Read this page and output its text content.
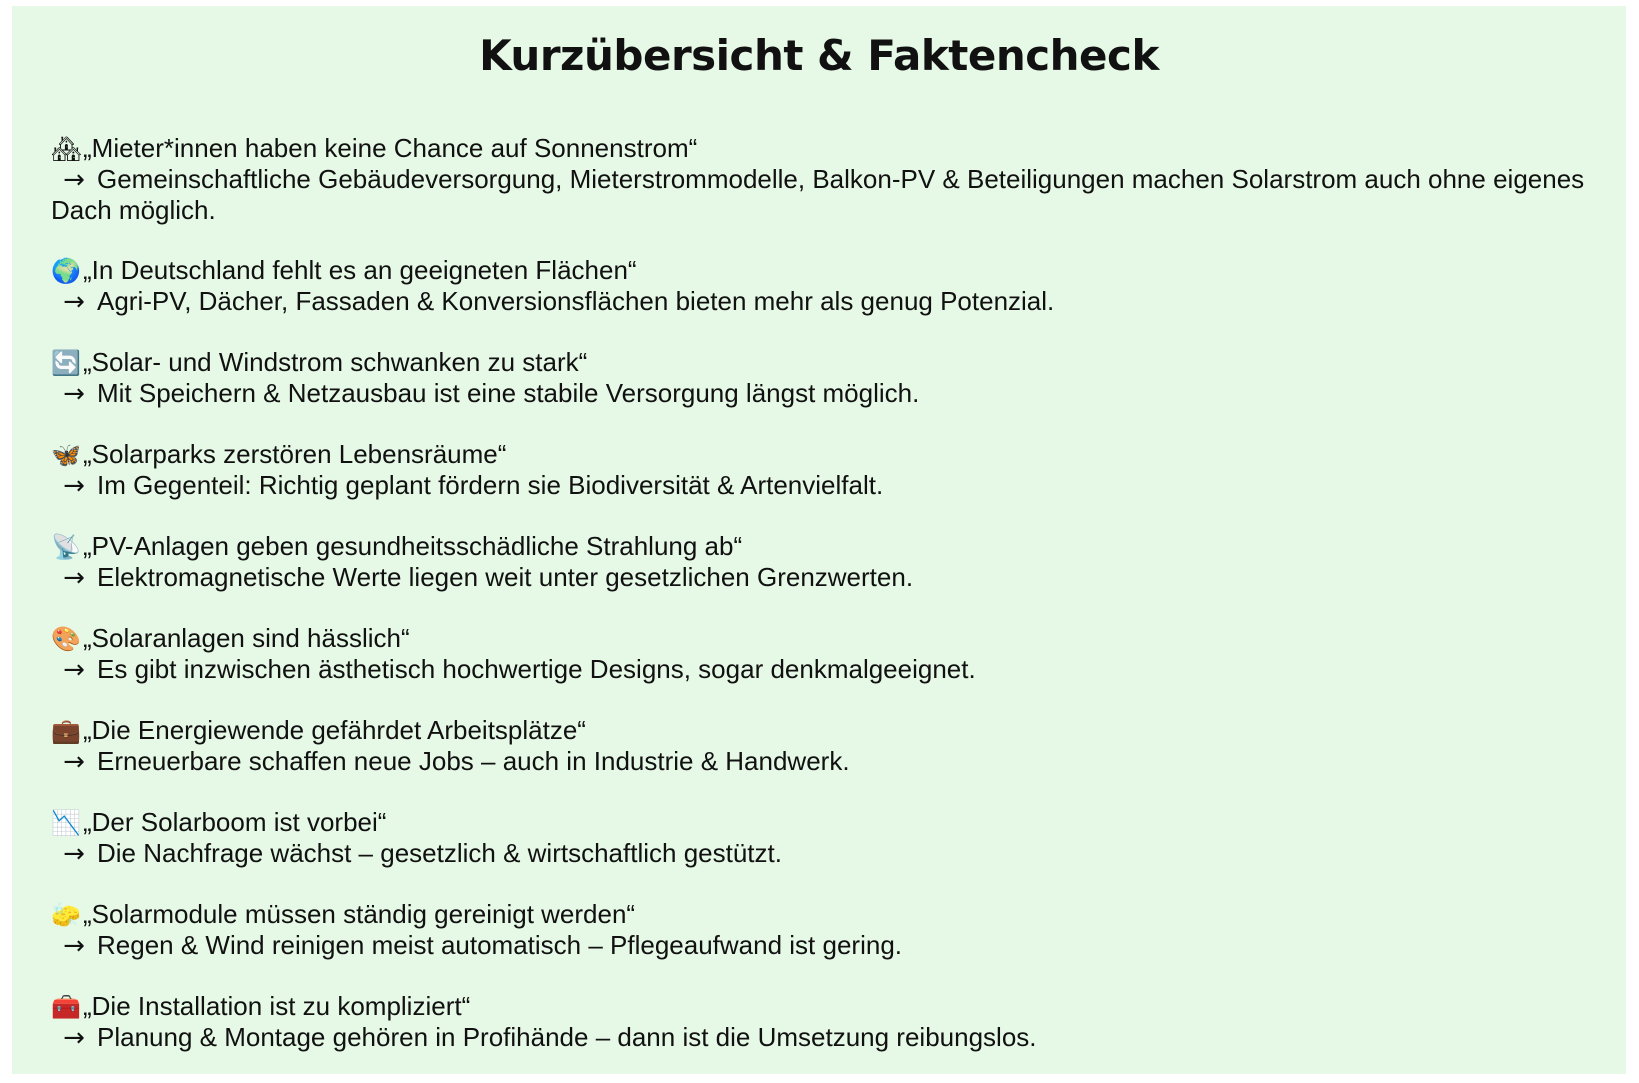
Kurzübersicht & Faktencheck
🏘„Mieter*innen haben keine Chance auf Sonnenstrom“
→ Gemeinschaftliche Gebäudeversorgung, Mieterstrommodelle, Balkon-PV & Beteiligungen machen Solarstrom auch ohne eigenes Dach möglich.
🌍„In Deutschland fehlt es an geeigneten Flächen“
→ Agri-PV, Dächer, Fassaden & Konversionsflächen bieten mehr als genug Potenzial.
🔄„Solar- und Windstrom schwanken zu stark“
→ Mit Speichern & Netzausbau ist eine stabile Versorgung längst möglich.
🦋„Solarparks zerstören Lebensräume“
→ Im Gegenteil: Richtig geplant fördern sie Biodiversität & Artenvielfalt.
📡„PV-Anlagen geben gesundheitsschädliche Strahlung ab“
→ Elektromagnetische Werte liegen weit unter gesetzlichen Grenzwerten.
🎨„Solaranlagen sind hässlich“
→ Es gibt inzwischen ästhetisch hochwertige Designs, sogar denkmalgeeignet.
💼„Die Energiewende gefährdet Arbeitsplätze“
→ Erneuerbare schaffen neue Jobs – auch in Industrie & Handwerk.
📉„Der Solarboom ist vorbei“
→ Die Nachfrage wächst – gesetzlich & wirtschaftlich gestützt.
🧽„Solarmodule müssen ständig gereinigt werden“
→ Regen & Wind reinigen meist automatisch – Pflegeaufwand ist gering.
🧰„Die Installation ist zu kompliziert“
→ Planung & Montage gehören in Profihände – dann ist die Umsetzung reibungslos.
